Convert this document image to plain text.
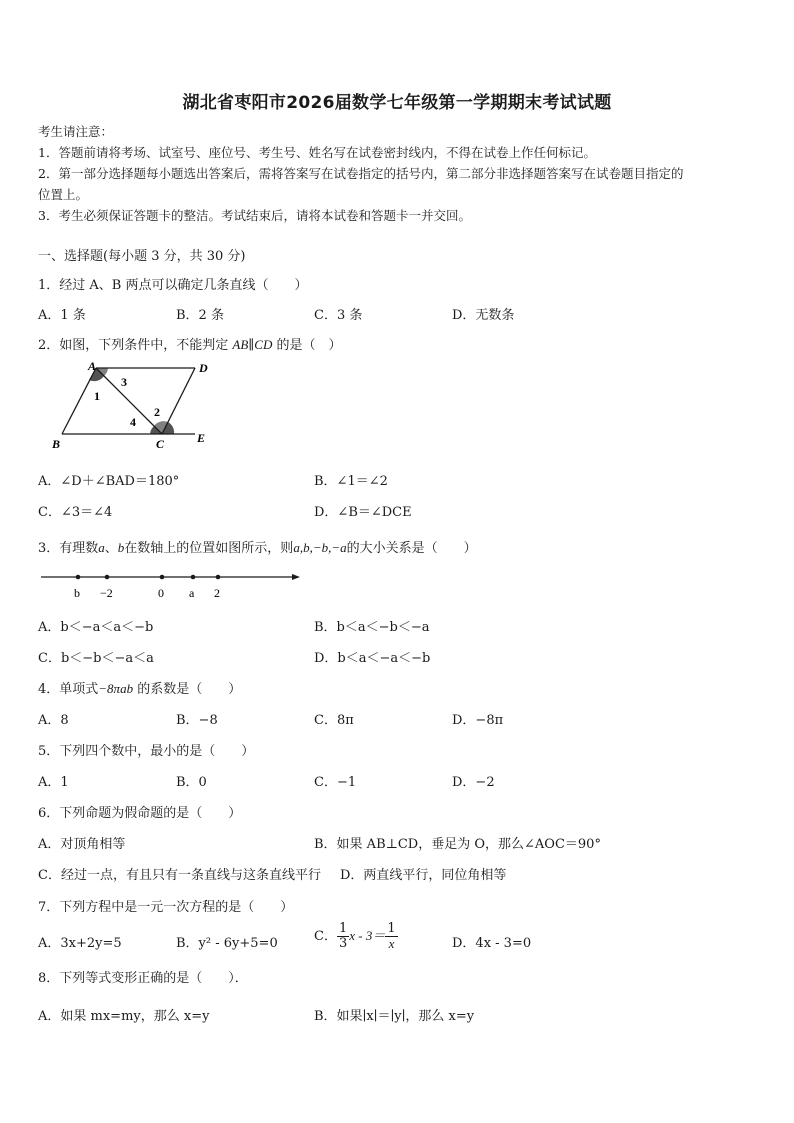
湖北省枣阳市2026届数学七年级第一学期期末考试试题
考生请注意：
1．答题前请将考场、试室号、座位号、考生号、姓名写在试卷密封线内，不得在试卷上作任何标记。
2．第一部分选择题每小题选出答案后，需将答案写在试卷指定的括号内，第二部分非选择题答案写在试卷题目指定的
位置上。
3．考生必须保证答题卡的整洁。考试结束后，请将本试卷和答题卡一并交回。
一、选择题(每小题 3 分，共 30 分)
1．经过 A、B 两点可以确定几条直线（　　）
A．1 条	B．2 条	C．3 条	D．无数条
2．如图，下列条件中，不能判定 AB∥CD 的是（　）
A	D
B	C	E
1
2
3
4
A．∠D＋∠BAD＝180°	B．∠1＝∠2
C．∠3＝∠4	D．∠B＝∠DCE
3．有理数a、b在数轴上的位置如图所示，则a,b,−b,−a的大小关系是（　　）
b −2	0 a 2
A．b＜−a＜a＜−b	B．b＜a＜−b＜−a
C．b＜−b＜−a＜a	D．b＜a＜−a＜−b
4．单项式−8πab 的系数是（　　）
A．8	B．−8	C．8π	D．−8π
5．下列四个数中，最小的是（　　）
A．1	B．0	C．−1	D．−2
6．下列命题为假命题的是（　　）
A．对顶角相等	B．如果 AB⊥CD，垂足为 O，那么∠AOC＝90°
C．经过一点，有且只有一条直线与这条直线平行 D．两直线平行，同位角相等
7．下列方程中是一元一次方程的是（　　）
A．3x+2y=5	B．y² - 6y+5=0	C． $\frac{1}{3}$ $x - 3= \frac{1}{x}$	D．4x - 3=0
8．下列等式变形正确的是（　　）．
A．如果 mx=my，那么 x=y	B．如果∣x∣＝∣y∣，那么 x=y
